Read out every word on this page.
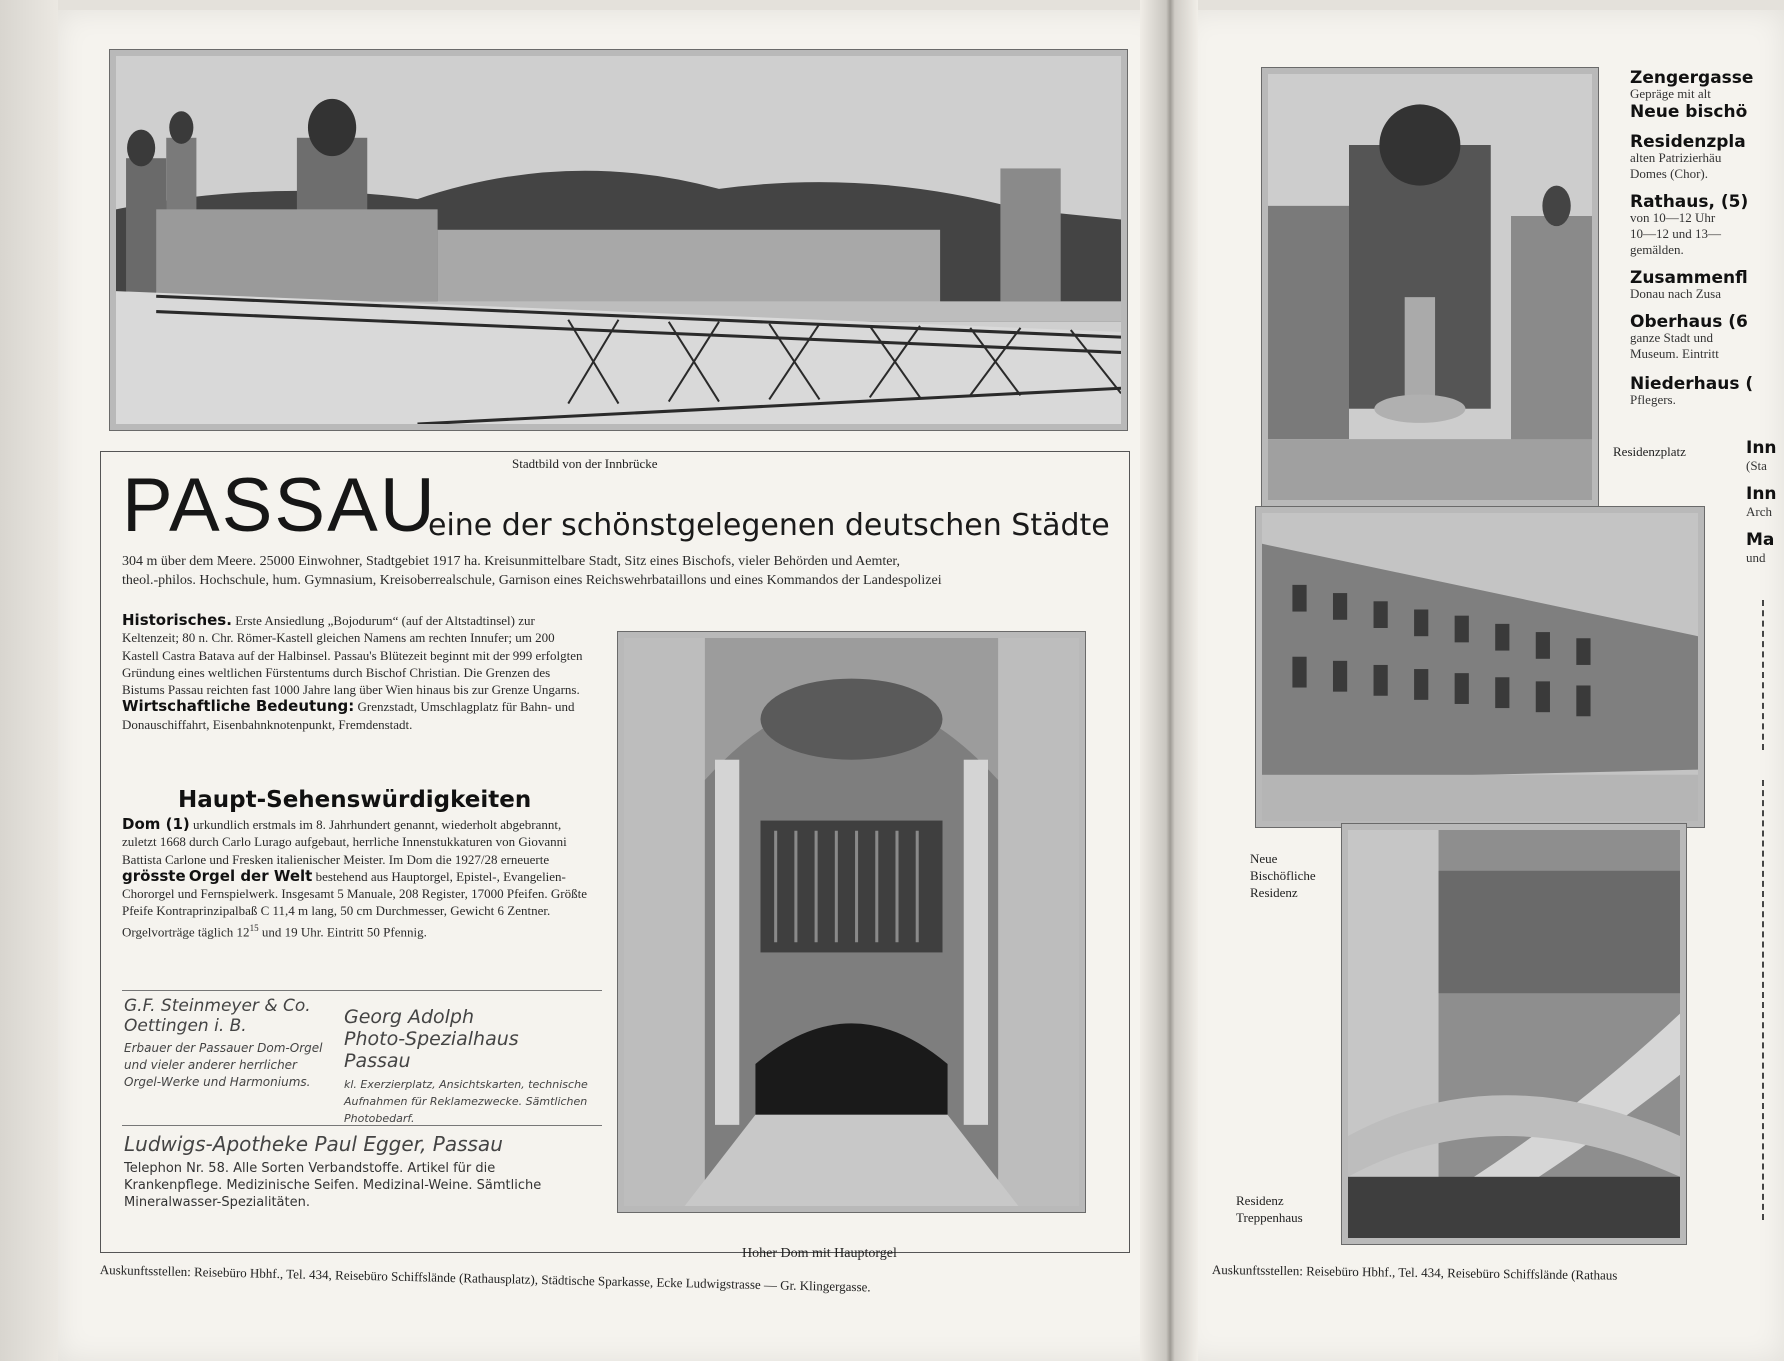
Stadtbild von der Innbrücke
PASSAU
eine der schönstgelegenen deutschen Städte
304 m über dem Meere. 25000 Einwohner, Stadtgebiet 1917 ha. Kreisunmittelbare Stadt, Sitz eines Bischofs, vieler Behörden und Aemter,
theol.-philos. Hochschule, hum. Gymnasium, Kreisoberrealschule, Garnison eines Reichswehrbataillons und eines Kommandos der Landespolizei
Historisches. Erste Ansiedlung „Bojodurum“ (auf der Altstadtinsel) zur Keltenzeit; 80 n. Chr. Römer-Kastell gleichen Namens am rechten Innufer; um 200 Kastell Castra Batava auf der Halbinsel. Passau's Blütezeit beginnt mit der 999 erfolgten Gründung eines weltlichen Fürstentums durch Bischof Christian. Die Grenzen des Bistums Passau reichten fast 1000 Jahre lang über Wien hinaus bis zur Grenze Ungarns.
Wirtschaftliche Bedeutung: Grenzstadt, Umschlagplatz für Bahn- und Donauschiffahrt, Eisenbahnknotenpunkt, Fremdenstadt.
Haupt-Sehenswürdigkeiten
Dom (1) urkundlich erstmals im 8. Jahrhundert genannt, wiederholt abgebrannt, zuletzt 1668 durch Carlo Lurago aufgebaut, herrliche Innenstukkaturen von Giovanni Battista Carlone und Fresken italienischer Meister. Im Dom die 1927/28 erneuerte grösste Orgel der Welt bestehend aus Hauptorgel, Epistel-, Evangelien-Chororgel und Fernspielwerk. Insgesamt 5 Manuale, 208 Register, 17000 Pfeifen. Größte Pfeife Kontraprinzipalbaß C 11,4 m lang, 50 cm Durchmesser, Gewicht 6 Zentner. Orgelvorträge täglich $12^{15}$ und 19 Uhr. Eintritt 50 Pfennig.
G.F. Steinmeyer & Co.
Oettingen i. B.
Erbauer der Passauer Dom-Orgel und vieler anderer herrlicher Orgel-Werke und Harmoniums.
Georg Adolph
Photo-Spezialhaus
Passau
kl. Exerzierplatz, Ansichtskarten, technische Aufnahmen für Reklamezwecke. Sämtlichen Photobedarf.
Ludwigs-Apotheke Paul Egger, Passau
Telephon Nr. 58. Alle Sorten Verbandstoffe. Artikel für die Krankenpflege. Medizinische Seifen. Medizinal-Weine. Sämtliche Mineralwasser-Spezialitäten.
Hoher Dom mit Hauptorgel
Auskunftsstellen: Reisebüro Hbhf., Tel. 434, Reisebüro Schiffslände (Rathausplatz), Städtische Sparkasse, Ecke Ludwigstrasse — Gr. Klingergasse.
Residenzplatz
Neue
Bischöfliche
Residenz
Residenz
Treppenhaus
Zengergasse
Gepräge mit alt
Neue bischö
Residenzpla
alten Patrizierhäu
Domes (Chor).
Rathaus, (5)
von 10—12 Uhr
10—12 und 13—
gemälden.
Zusammenfl
Donau nach Zusa
Oberhaus (6
ganze Stadt und
Museum. Eintritt
Niederhaus (
Pflegers.
Inn
(Sta
Inn
Arch
Ma
und
Auskunftsstellen: Reisebüro Hbhf., Tel. 434, Reisebüro Schiffslände (Rathaus
